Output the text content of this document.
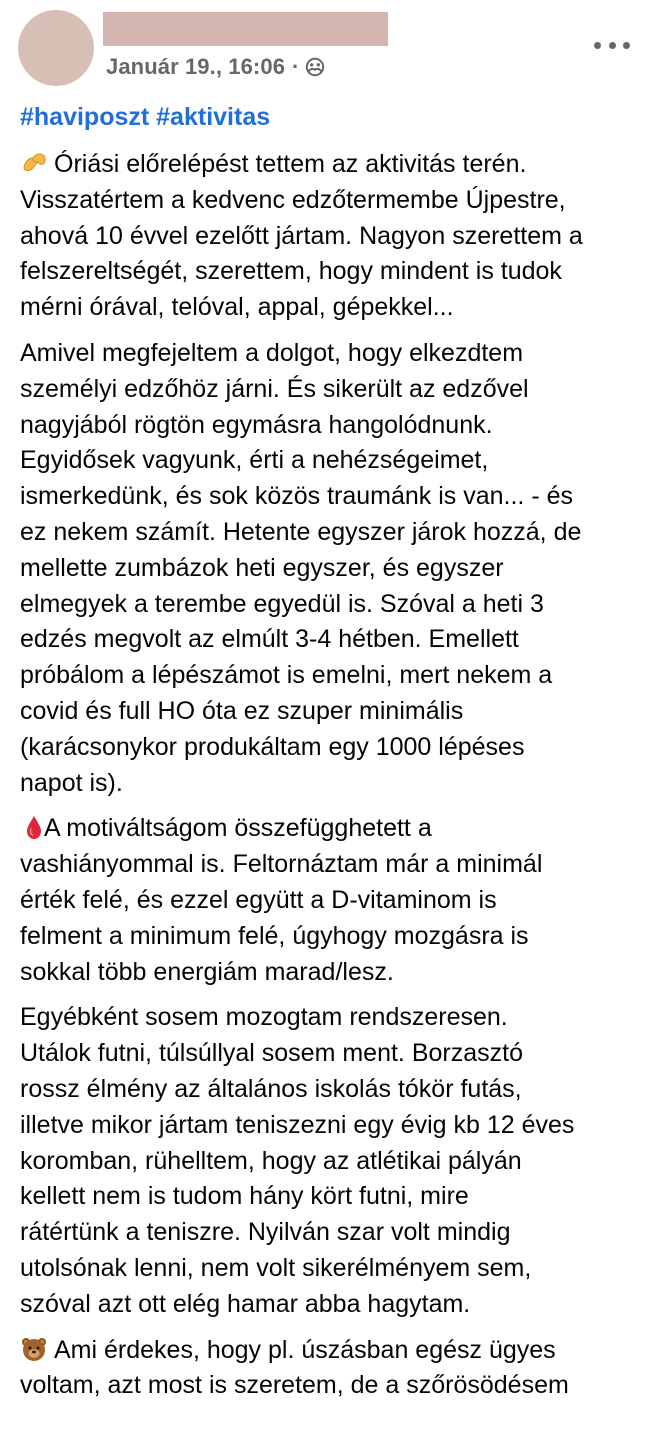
Január 19., 16:06 ·
#haviposzt #aktivitas
Óriási előrelépést tettem az aktivitás terén.
Visszatértem a kedvenc edzőtermembe Újpestre,
ahová 10 évvel ezelőtt jártam. Nagyon szerettem a
felszereltségét, szerettem, hogy mindent is tudok
mérni órával, telóval, appal, gépekkel...
Amivel megfejeltem a dolgot, hogy elkezdtem
személyi edzőhöz járni. És sikerült az edzővel
nagyjából rögtön egymásra hangolódnunk.
Egyidősek vagyunk, érti a nehézségeimet,
ismerkedünk, és sok közös traumánk is van... - és
ez nekem számít. Hetente egyszer járok hozzá, de
mellette zumbázok heti egyszer, és egyszer
elmegyek a terembe egyedül is. Szóval a heti 3
edzés megvolt az elmúlt 3-4 hétben. Emellett
próbálom a lépészámot is emelni, mert nekem a
covid és full HO óta ez szuper minimális
(karácsonykor produkáltam egy 1000 lépéses
napot is).
A motiváltságom összefügghetett a
vashiányommal is. Feltornáztam már a minimál
érték felé, és ezzel együtt a D-vitaminom is
felment a minimum felé, úgyhogy mozgásra is
sokkal több energiám marad/lesz.
Egyébként sosem mozogtam rendszeresen.
Utálok futni, túlsúllyal sosem ment. Borzasztó
rossz élmény az általános iskolás tókör futás,
illetve mikor jártam teniszezni egy évig kb 12 éves
koromban, rühelltem, hogy az atlétikai pályán
kellett nem is tudom hány kört futni, mire
rátértünk a teniszre. Nyilván szar volt mindig
utolsónak lenni, nem volt sikerélményem sem,
szóval azt ott elég hamar abba hagytam.
Ami érdekes, hogy pl. úszásban egész ügyes
voltam, azt most is szeretem, de a szőrösödésem
